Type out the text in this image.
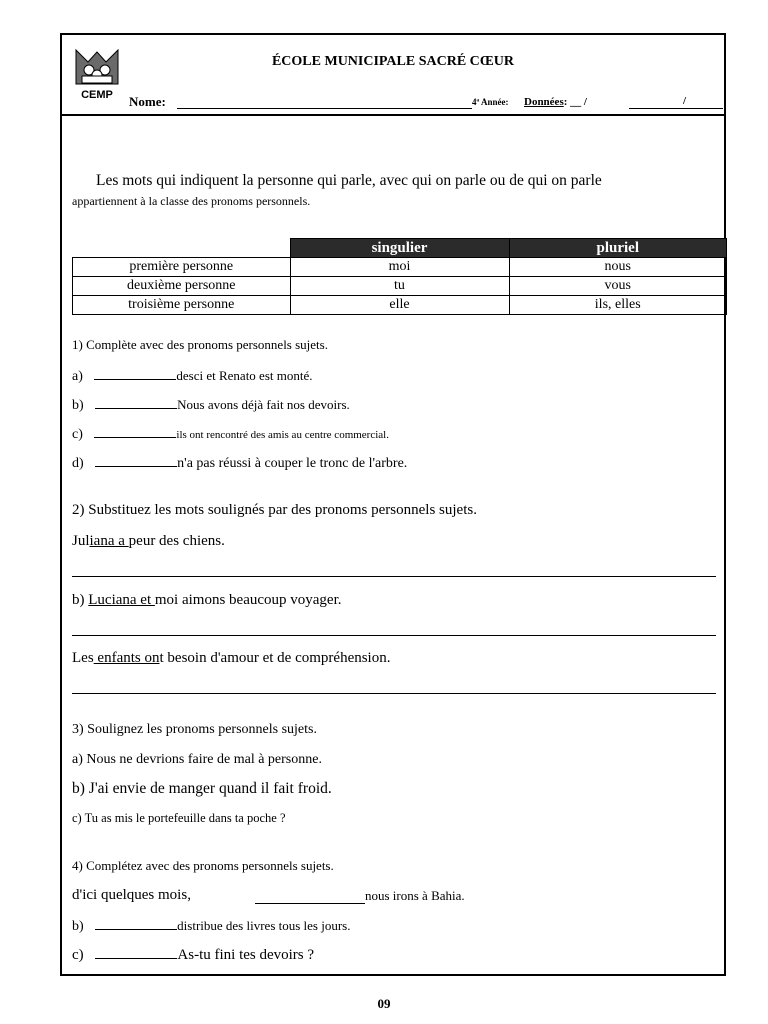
CEMP
ÉCOLE MUNICIPALE SACRÉ CŒUR
Nome:	4ª Année: Données: __ /	/
Les mots qui indiquent la personne qui parle, avec qui on parle ou de qui on parle
appartiennent à la classe des pronoms personnels.
	singulier	pluriel
première personne	moi	nous
deuxième personne	tu	vous
troisième personne	elle	ils, elles
1) Complète avec des pronoms personnels sujets.
a)	desci et Renato est monté.
b)	Nous avons déjà fait nos devoirs.
c)	ils ont rencontré des amis au centre commercial.
d)	n'a pas réussi à couper le tronc de l'arbre.
2) Substituez les mots soulignés par des pronoms personnels sujets.
Juliana a peur des chiens.
b) Luciana et moi aimons beaucoup voyager.
Les enfants ont besoin d'amour et de compréhension.
3) Soulignez les pronoms personnels sujets.
a) Nous ne devrions faire de mal à personne.
b) J'ai envie de manger quand il fait froid.
c) Tu as mis le portefeuille dans ta poche ?
4) Complétez avec des pronoms personnels sujets.
d'ici quelques mois,	nous irons à Bahia.
b)	distribue des livres tous les jours.
c)	As-tu fini tes devoirs ?
09
